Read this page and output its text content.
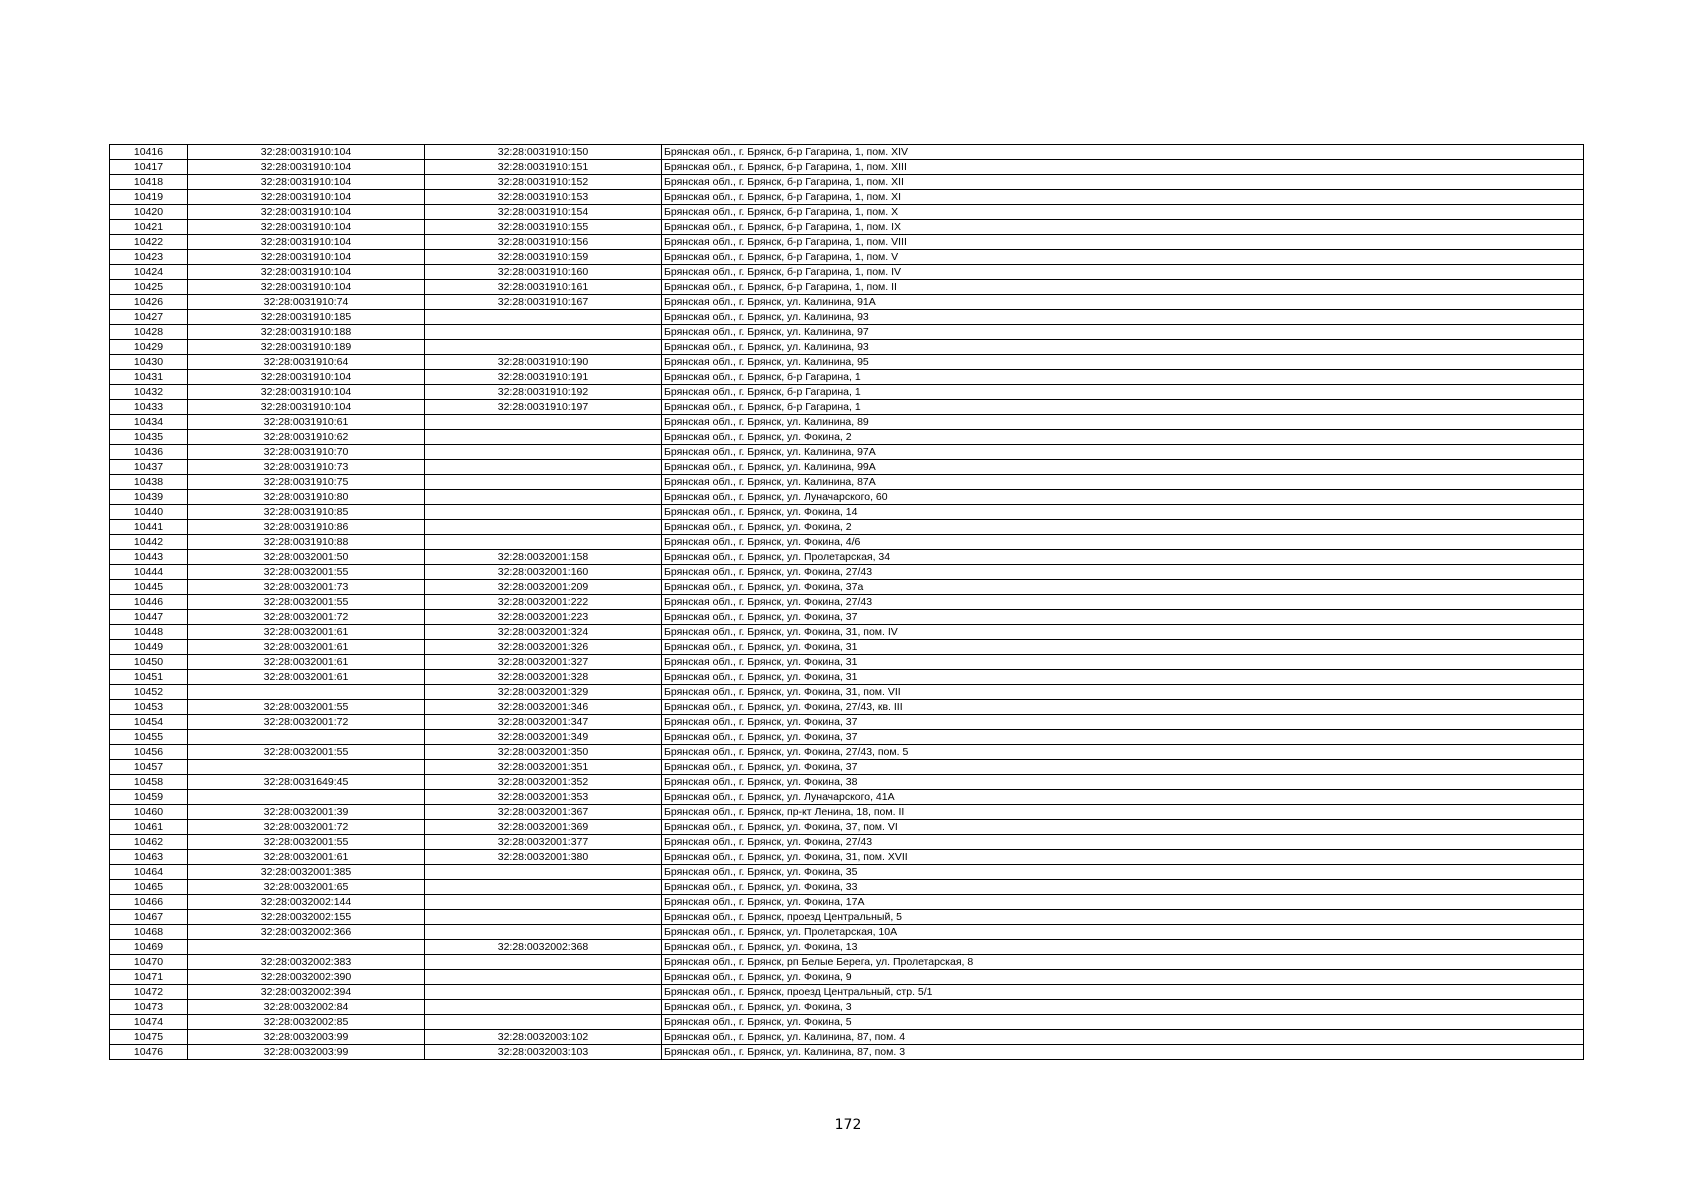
10416	32:28:0031910:104	32:28:0031910:150	Брянская обл., г. Брянск, б-р Гагарина, 1, пом. XIV
10417	32:28:0031910:104	32:28:0031910:151	Брянская обл., г. Брянск, б-р Гагарина, 1, пом. XIII
10418	32:28:0031910:104	32:28:0031910:152	Брянская обл., г. Брянск, б-р Гагарина, 1, пом. XII
10419	32:28:0031910:104	32:28:0031910:153	Брянская обл., г. Брянск, б-р Гагарина, 1, пом. XI
10420	32:28:0031910:104	32:28:0031910:154	Брянская обл., г. Брянск, б-р Гагарина, 1, пом. X
10421	32:28:0031910:104	32:28:0031910:155	Брянская обл., г. Брянск, б-р Гагарина, 1, пом. IX
10422	32:28:0031910:104	32:28:0031910:156	Брянская обл., г. Брянск, б-р Гагарина, 1, пом. VIII
10423	32:28:0031910:104	32:28:0031910:159	Брянская обл., г. Брянск, б-р Гагарина, 1, пом. V
10424	32:28:0031910:104	32:28:0031910:160	Брянская обл., г. Брянск, б-р Гагарина, 1, пом. IV
10425	32:28:0031910:104	32:28:0031910:161	Брянская обл., г. Брянск, б-р Гагарина, 1, пом. II
10426	32:28:0031910:74	32:28:0031910:167	Брянская обл., г. Брянск, ул. Калинина, 91А
10427	32:28:0031910:185		Брянская обл., г. Брянск, ул. Калинина, 93
10428	32:28:0031910:188		Брянская обл., г. Брянск, ул. Калинина, 97
10429	32:28:0031910:189		Брянская обл., г. Брянск, ул. Калинина, 93
10430	32:28:0031910:64	32:28:0031910:190	Брянская обл., г. Брянск, ул. Калинина, 95
10431	32:28:0031910:104	32:28:0031910:191	Брянская обл., г. Брянск, б-р Гагарина, 1
10432	32:28:0031910:104	32:28:0031910:192	Брянская обл., г. Брянск, б-р Гагарина, 1
10433	32:28:0031910:104	32:28:0031910:197	Брянская обл., г. Брянск, б-р Гагарина, 1
10434	32:28:0031910:61		Брянская обл., г. Брянск, ул. Калинина, 89
10435	32:28:0031910:62		Брянская обл., г. Брянск, ул. Фокина, 2
10436	32:28:0031910:70		Брянская обл., г. Брянск, ул. Калинина, 97А
10437	32:28:0031910:73		Брянская обл., г. Брянск, ул. Калинина, 99А
10438	32:28:0031910:75		Брянская обл., г. Брянск, ул. Калинина, 87А
10439	32:28:0031910:80		Брянская обл., г. Брянск, ул. Луначарского, 60
10440	32:28:0031910:85		Брянская обл., г. Брянск, ул. Фокина, 14
10441	32:28:0031910:86		Брянская обл., г. Брянск, ул. Фокина, 2
10442	32:28:0031910:88		Брянская обл., г. Брянск, ул. Фокина, 4/6
10443	32:28:0032001:50	32:28:0032001:158	Брянская обл., г. Брянск, ул. Пролетарская, 34
10444	32:28:0032001:55	32:28:0032001:160	Брянская обл., г. Брянск, ул. Фокина, 27/43
10445	32:28:0032001:73	32:28:0032001:209	Брянская обл., г. Брянск, ул. Фокина, 37а
10446	32:28:0032001:55	32:28:0032001:222	Брянская обл., г. Брянск, ул. Фокина, 27/43
10447	32:28:0032001:72	32:28:0032001:223	Брянская обл., г. Брянск, ул. Фокина, 37
10448	32:28:0032001:61	32:28:0032001:324	Брянская обл., г. Брянск, ул. Фокина, 31, пом. IV
10449	32:28:0032001:61	32:28:0032001:326	Брянская обл., г. Брянск, ул. Фокина, 31
10450	32:28:0032001:61	32:28:0032001:327	Брянская обл., г. Брянск, ул. Фокина, 31
10451	32:28:0032001:61	32:28:0032001:328	Брянская обл., г. Брянск, ул. Фокина, 31
10452		32:28:0032001:329	Брянская обл., г. Брянск, ул. Фокина, 31, пом. VII
10453	32:28:0032001:55	32:28:0032001:346	Брянская обл., г. Брянск, ул. Фокина, 27/43, кв. III
10454	32:28:0032001:72	32:28:0032001:347	Брянская обл., г. Брянск, ул. Фокина, 37
10455		32:28:0032001:349	Брянская обл., г. Брянск, ул. Фокина, 37
10456	32:28:0032001:55	32:28:0032001:350	Брянская обл., г. Брянск, ул. Фокина, 27/43, пом. 5
10457		32:28:0032001:351	Брянская обл., г. Брянск, ул. Фокина, 37
10458	32:28:0031649:45	32:28:0032001:352	Брянская обл., г. Брянск, ул. Фокина, 38
10459		32:28:0032001:353	Брянская обл., г. Брянск, ул. Луначарского, 41А
10460	32:28:0032001:39	32:28:0032001:367	Брянская обл., г. Брянск, пр-кт Ленина, 18, пом. II
10461	32:28:0032001:72	32:28:0032001:369	Брянская обл., г. Брянск, ул. Фокина, 37, пом. VI
10462	32:28:0032001:55	32:28:0032001:377	Брянская обл., г. Брянск, ул. Фокина, 27/43
10463	32:28:0032001:61	32:28:0032001:380	Брянская обл., г. Брянск, ул. Фокина, 31, пом. XVII
10464	32:28:0032001:385		Брянская обл., г. Брянск, ул. Фокина, 35
10465	32:28:0032001:65		Брянская обл., г. Брянск, ул. Фокина, 33
10466	32:28:0032002:144		Брянская обл., г. Брянск, ул. Фокина, 17А
10467	32:28:0032002:155		Брянская обл., г. Брянск, проезд Центральный, 5
10468	32:28:0032002:366		Брянская обл., г. Брянск, ул. Пролетарская, 10А
10469		32:28:0032002:368	Брянская обл., г. Брянск, ул. Фокина, 13
10470	32:28:0032002:383		Брянская обл., г. Брянск, рп Белые Берега, ул. Пролетарская, 8
10471	32:28:0032002:390		Брянская обл., г. Брянск, ул. Фокина, 9
10472	32:28:0032002:394		Брянская обл., г. Брянск, проезд Центральный, стр. 5/1
10473	32:28:0032002:84		Брянская обл., г. Брянск, ул. Фокина, 3
10474	32:28:0032002:85		Брянская обл., г. Брянск, ул. Фокина, 5
10475	32:28:0032003:99	32:28:0032003:102	Брянская обл., г. Брянск, ул. Калинина, 87, пом. 4
10476	32:28:0032003:99	32:28:0032003:103	Брянская обл., г. Брянск, ул. Калинина, 87, пом. 3
172
